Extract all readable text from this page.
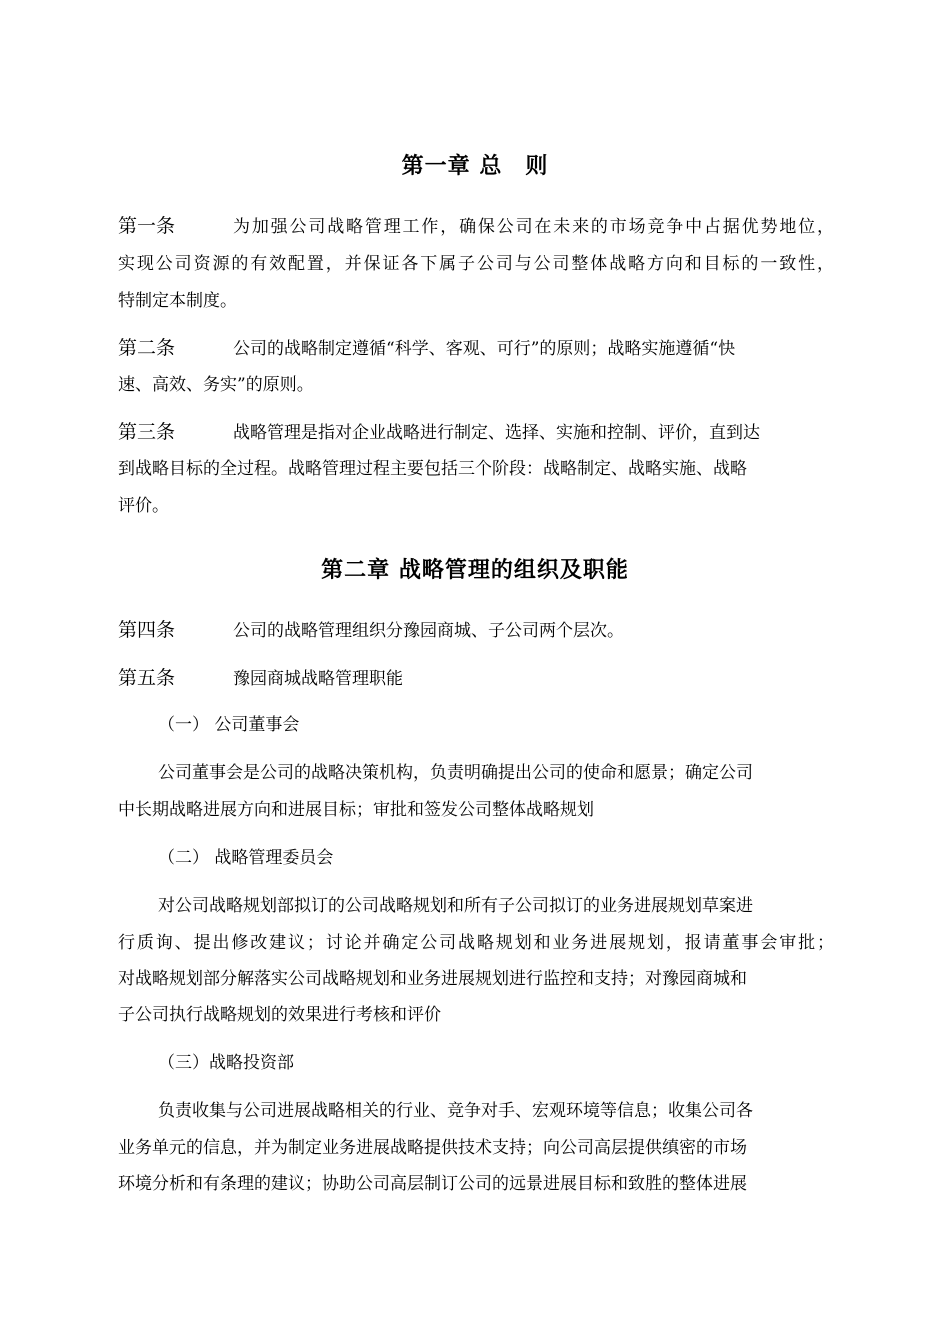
第一章 总　则
第一条	为加强公司战略管理工作，确保公司在未来的市场竞争中占据优势地位，
实现公司资源的有效配置，并保证各下属子公司与公司整体战略方向和目标的一致性，
特制定本制度。
第二条	公司的战略制定遵循“科学、客观、可行”的原则；战略实施遵循“快
速、高效、务实”的原则。
第三条	战略管理是指对企业战略进行制定、选择、实施和控制、评价，直到达
到战略目标的全过程。战略管理过程主要包括三个阶段：战略制定、战略实施、战略
评价。
第二章 战略管理的组织及职能
第四条	公司的战略管理组织分豫园商城、子公司两个层次。
第五条	豫园商城战略管理职能
（一） 公司董事会
公司董事会是公司的战略决策机构，负责明确提出公司的使命和愿景；确定公司
中长期战略进展方向和进展目标；审批和签发公司整体战略规划
（二） 战略管理委员会
对公司战略规划部拟订的公司战略规划和所有子公司拟订的业务进展规划草案进
行质询、提出修改建议；讨论并确定公司战略规划和业务进展规划，报请董事会审批；
对战略规划部分解落实公司战略规划和业务进展规划进行监控和支持；对豫园商城和
子公司执行战略规划的效果进行考核和评价
（三）战略投资部
负责收集与公司进展战略相关的行业、竞争对手、宏观环境等信息；收集公司各
业务单元的信息，并为制定业务进展战略提供技术支持；向公司高层提供缜密的市场
环境分析和有条理的建议；协助公司高层制订公司的远景进展目标和致胜的整体进展
